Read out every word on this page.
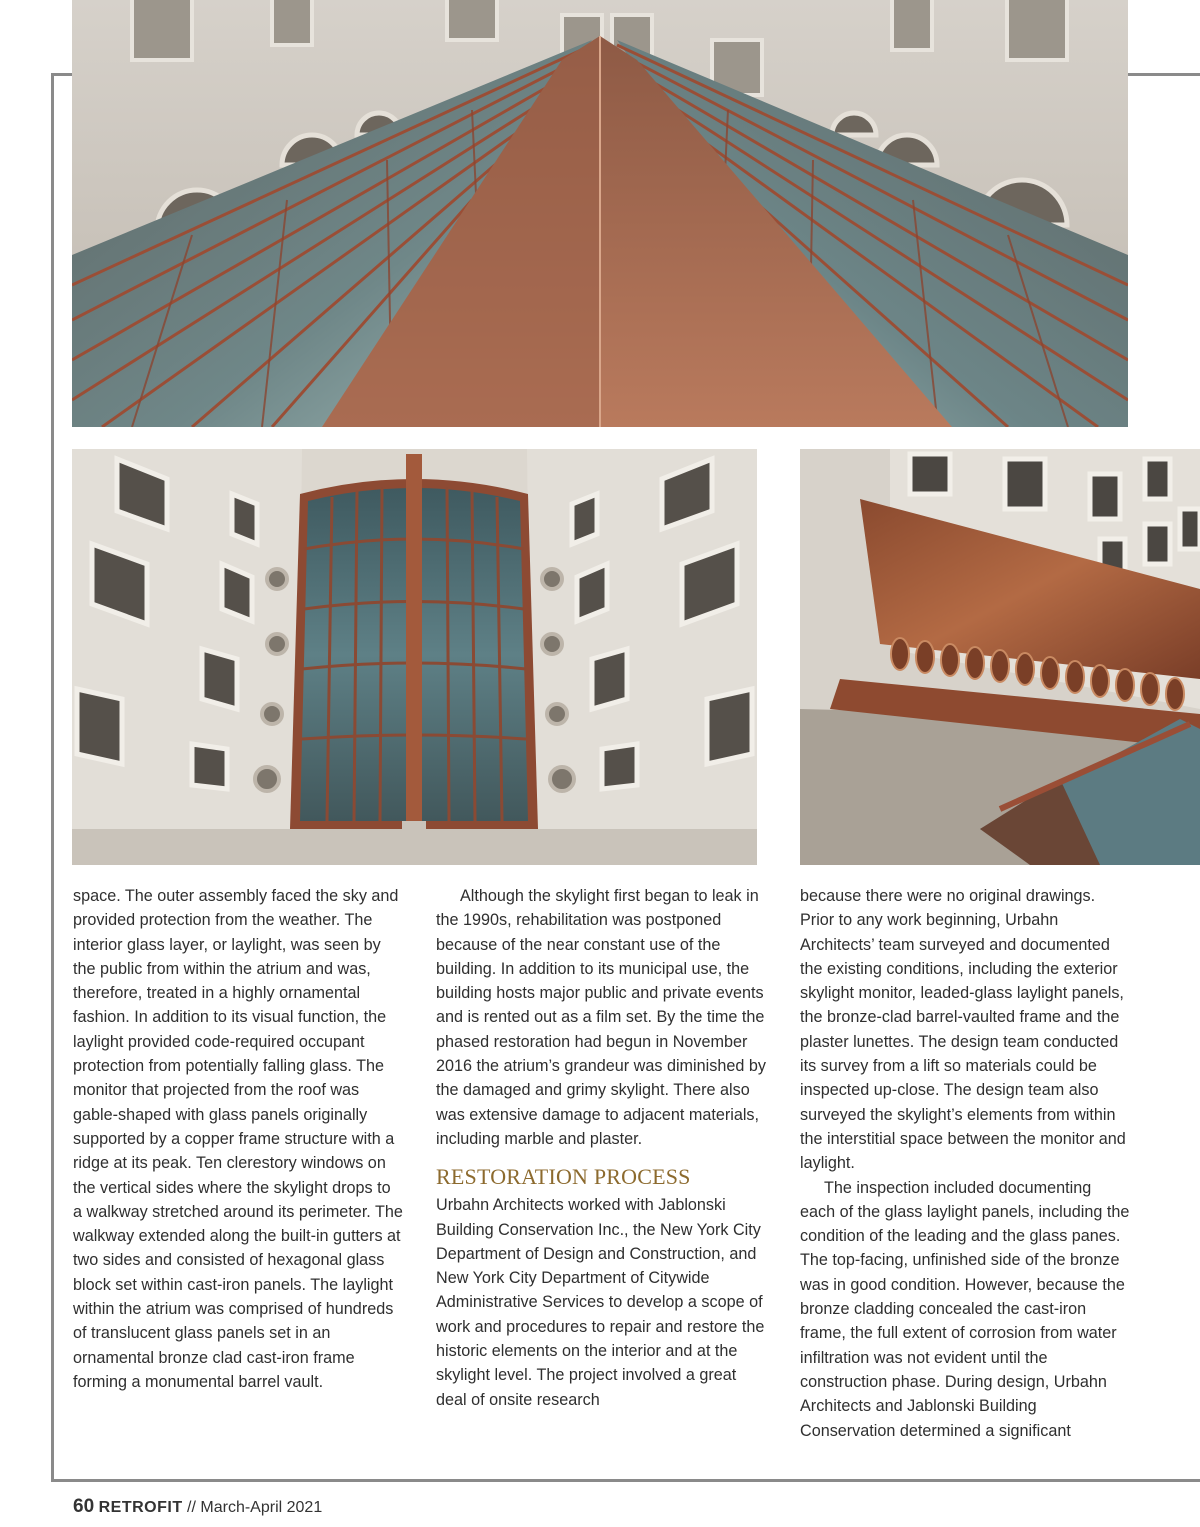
space. The outer assembly faced the sky and provided protection from the weather. The interior glass layer, or laylight, was seen by the public from within the atrium and was, therefore, treated in a highly ornamental fashion. In addition to its visual function, the laylight provided code-required occupant protection from potentially falling glass. The monitor that projected from the roof was gable-shaped with glass panels originally supported by a copper frame structure with a ridge at its peak. Ten clerestory windows on the vertical sides where the skylight drops to a walkway stretched around its perimeter. The walkway extended along the built-in gutters at two sides and consisted of hexagonal glass block set within cast-iron panels. The laylight within the atrium was comprised of hundreds of translucent glass panels set in an ornamental bronze clad cast-iron frame forming a monumental barrel vault.

Although the skylight first began to leak in the 1990s, rehabilitation was postponed because of the near constant use of the building. In addition to its municipal use, the building hosts major public and private events and is rented out as a film set. By the time the phased restoration had begun in November 2016 the atrium’s grandeur was diminished by the damaged and grimy skylight. There also was extensive damage to adjacent materials, including marble and plaster.

RESTORATION PROCESS

Urbahn Architects worked with Jablonski Building Conservation Inc., the New York City Department of Design and Construction, and New York City Department of Citywide Administrative Services to develop a scope of work and procedures to repair and restore the historic elements on the interior and at the skylight level. The project involved a great deal of onsite research

because there were no original drawings. Prior to any work beginning, Urbahn Architects’ team surveyed and documented the existing conditions, including the exterior skylight monitor, leaded-glass laylight panels, the bronze-clad barrel-vaulted frame and the plaster lunettes. The design team conducted its survey from a lift so materials could be inspected up-close. The design team also surveyed the skylight’s elements from within the interstitial space between the monitor and laylight.

The inspection included documenting each of the glass laylight panels, including the condition of the leading and the glass panes. The top-facing, unfinished side of the bronze was in good condition. However, because the bronze cladding concealed the cast-iron frame, the full extent of corrosion from water infiltration was not evident until the construction phase. During design, Urbahn Architects and Jablonski Building Conservation determined a significant

60 RETROFIT // March-April 2021
